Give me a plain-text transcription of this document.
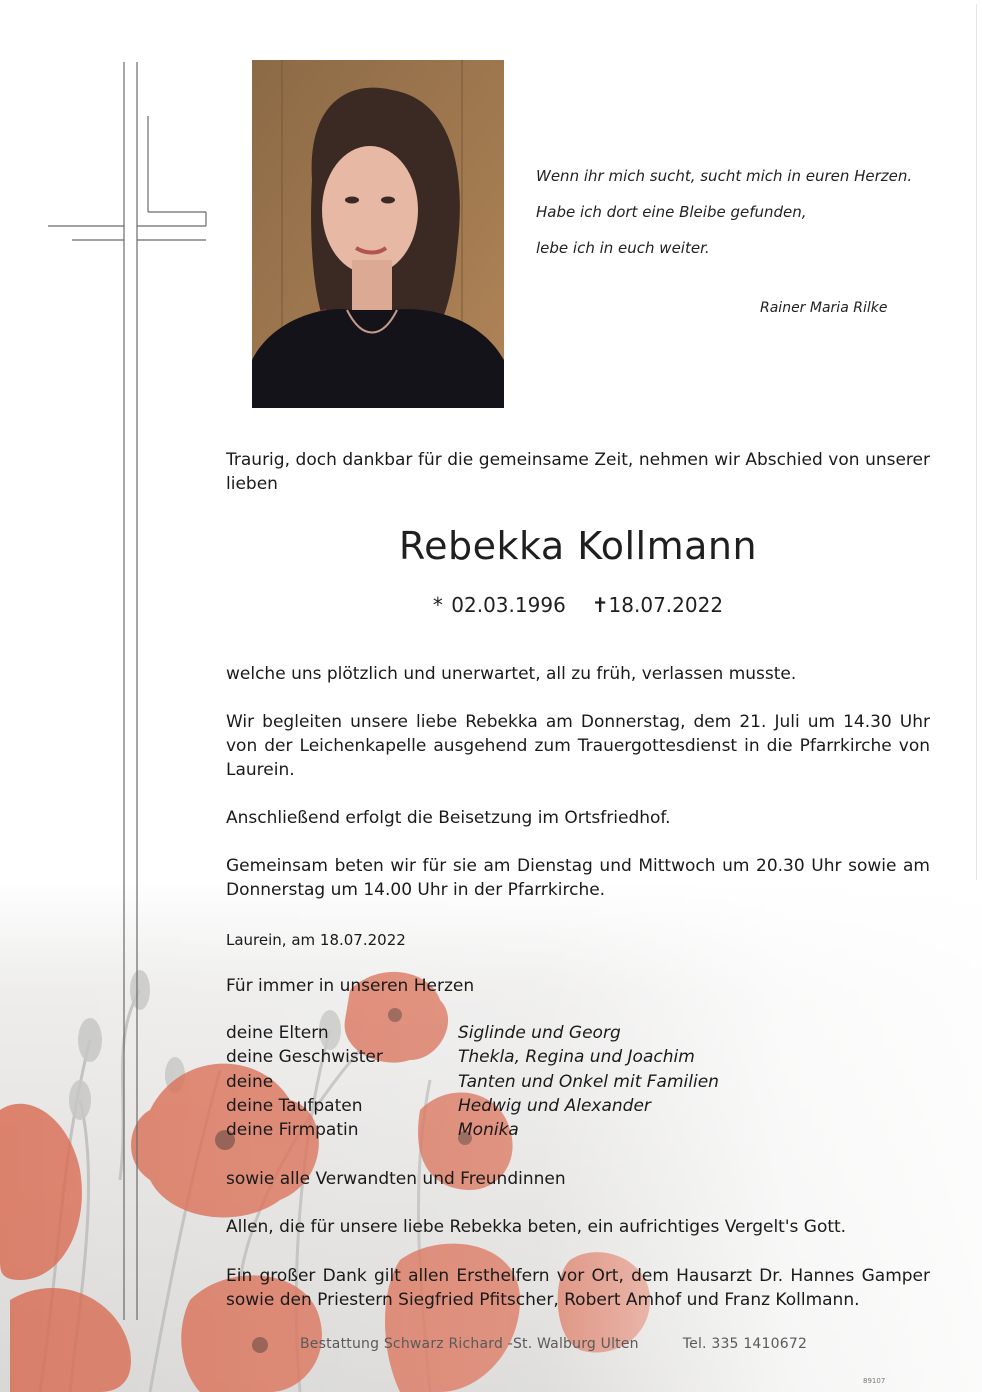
Wenn ihr mich sucht, sucht mich in euren Herzen.
Habe ich dort eine Bleibe gefunden,
lebe ich in euch weiter.
Rainer Maria Rilke
Traurig, doch dankbar für die gemeinsame Zeit, nehmen wir Abschied von unserer lieben
Rebekka Kollmann
* 02.03.1996 ✝18.07.2022
welche uns plötzlich und unerwartet, all zu früh, verlassen musste.
Wir begleiten unsere liebe Rebekka am Donnerstag, dem 21. Juli um 14.30 Uhr von der Leichenkapelle ausgehend zum Trauergottesdienst in die Pfarrkirche von Laurein.
Anschließend erfolgt die Beisetzung im Ortsfriedhof.
Gemeinsam beten wir für sie am Dienstag und Mittwoch um 20.30 Uhr sowie am Donnerstag um 14.00 Uhr in der Pfarrkirche.
Laurein, am 18.07.2022
Für immer in unseren Herzen
deine Eltern	Siglinde und Georg
deine Geschwister	Thekla, Regina und Joachim
deine	Tanten und Onkel mit Familien
deine Taufpaten	Hedwig und Alexander
deine Firmpatin	Monika
sowie alle Verwandten und Freundinnen
Allen, die für unsere liebe Rebekka beten, ein aufrichtiges Vergelt's Gott.
Ein großer Dank gilt allen Ersthelfern vor Ort, dem Hausarzt Dr. Hannes Gamper sowie den Priestern Siegfried Pfitscher, Robert Amhof und Franz Kollmann.
Bestattung Schwarz Richard -St. Walburg Ulten	Tel. 335 1410672
89107
